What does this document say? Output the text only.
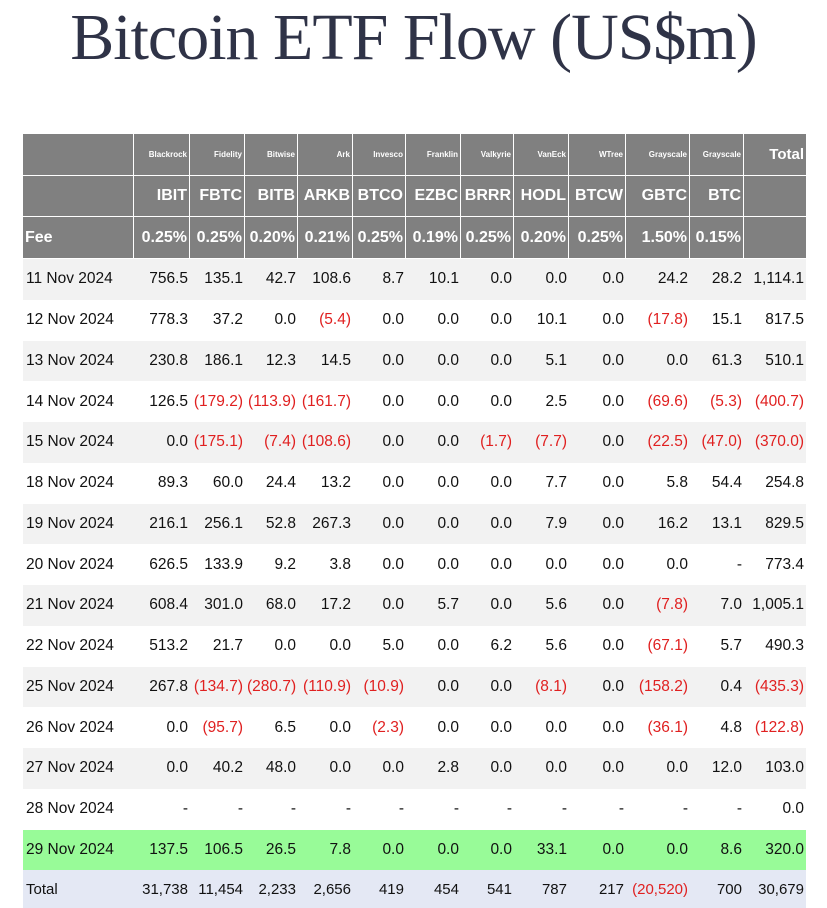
Bitcoin ETF Flow (US$m)
	Blackrock	Fidelity	Bitwise	Ark	Invesco	Franklin	Valkyrie	VanEck	WTree	Grayscale	Grayscale	Total
	IBIT	FBTC	BITB	ARKB	BTCO	EZBC	BRRR	HODL	BTCW	GBTC	BTC	
Fee	0.25%	0.25%	0.20%	0.21%	0.25%	0.19%	0.25%	0.20%	0.25%	1.50%	0.15%	
11 Nov 2024	756.5	135.1	42.7	108.6	8.7	10.1	0.0	0.0	0.0	24.2	28.2	1,114.1
12 Nov 2024	778.3	37.2	0.0	(5.4)	0.0	0.0	0.0	10.1	0.0	(17.8)	15.1	817.5
13 Nov 2024	230.8	186.1	12.3	14.5	0.0	0.0	0.0	5.1	0.0	0.0	61.3	510.1
14 Nov 2024	126.5	(179.2)	(113.9)	(161.7)	0.0	0.0	0.0	2.5	0.0	(69.6)	(5.3)	(400.7)
15 Nov 2024	0.0	(175.1)	(7.4)	(108.6)	0.0	0.0	(1.7)	(7.7)	0.0	(22.5)	(47.0)	(370.0)
18 Nov 2024	89.3	60.0	24.4	13.2	0.0	0.0	0.0	7.7	0.0	5.8	54.4	254.8
19 Nov 2024	216.1	256.1	52.8	267.3	0.0	0.0	0.0	7.9	0.0	16.2	13.1	829.5
20 Nov 2024	626.5	133.9	9.2	3.8	0.0	0.0	0.0	0.0	0.0	0.0	-	773.4
21 Nov 2024	608.4	301.0	68.0	17.2	0.0	5.7	0.0	5.6	0.0	(7.8)	7.0	1,005.1
22 Nov 2024	513.2	21.7	0.0	0.0	5.0	0.0	6.2	5.6	0.0	(67.1)	5.7	490.3
25 Nov 2024	267.8	(134.7)	(280.7)	(110.9)	(10.9)	0.0	0.0	(8.1)	0.0	(158.2)	0.4	(435.3)
26 Nov 2024	0.0	(95.7)	6.5	0.0	(2.3)	0.0	0.0	0.0	0.0	(36.1)	4.8	(122.8)
27 Nov 2024	0.0	40.2	48.0	0.0	0.0	2.8	0.0	0.0	0.0	0.0	12.0	103.0
28 Nov 2024	-	-	-	-	-	-	-	-	-	-	-	0.0
29 Nov 2024	137.5	106.5	26.5	7.8	0.0	0.0	0.0	33.1	0.0	0.0	8.6	320.0
Total	31,738	11,454	2,233	2,656	419	454	541	787	217	(20,520)	700	30,679
